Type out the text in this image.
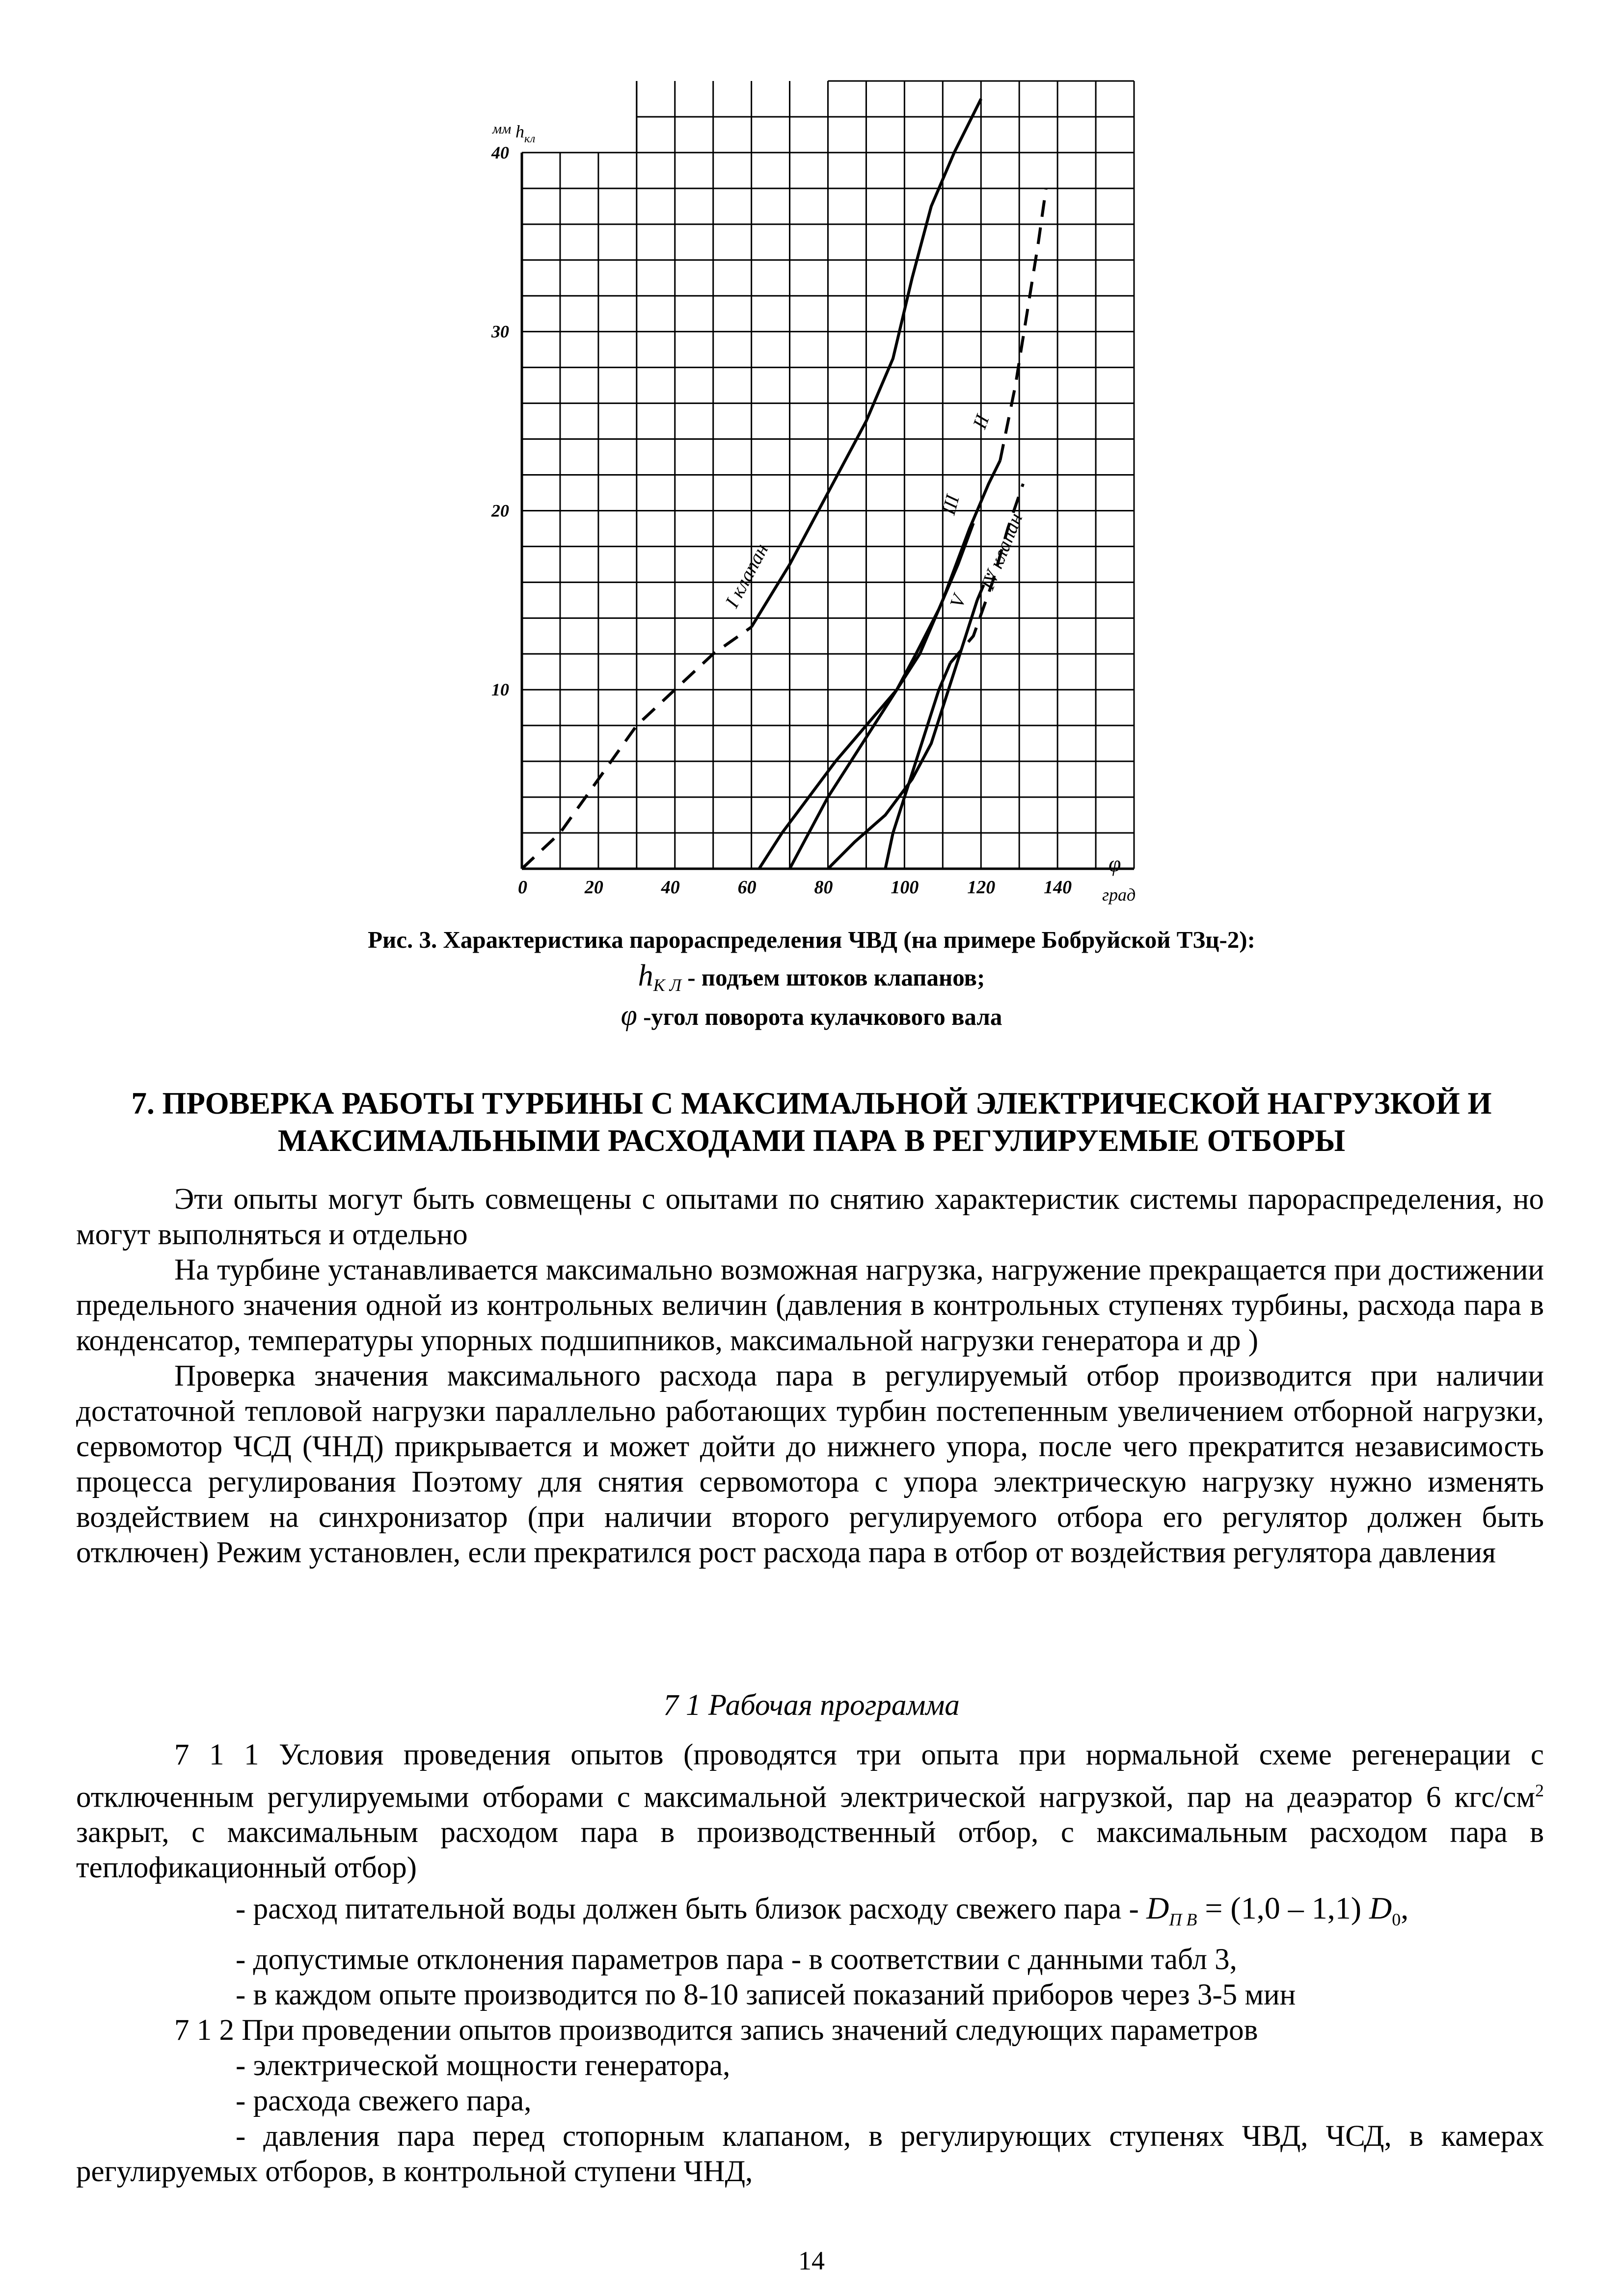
I клапан
II
III
V
IV клапан
0	20	40	60	80	100	120	140
10
20
30
40
мм $h_{кл}$
φ
град
Рис. 3. Характеристика парораспределения ЧВД (на примере Бобруйской ТЗц-2):
$h_{К Л}$ - подъем штоков клапанов;
φ -угол поворота кулачкового вала
7. ПРОВЕРКА РАБОТЫ ТУРБИНЫ С МАКСИМАЛЬНОЙ ЭЛЕКТРИЧЕСКОЙ НАГРУЗКОЙ И
МАКСИМАЛЬНЫМИ РАСХОДАМИ ПАРА В РЕГУЛИРУЕМЫЕ ОТБОРЫ

Эти опыты могут быть совмещены с опытами по снятию характеристик системы парораспределения, но могут выполняться и отдельно

На турбине устанавливается максимально возможная нагрузка, нагружение прекращается при достижении предельного значения одной из контрольных величин (давления в контрольных ступенях турбины, расхода пара в конденсатор, температуры упорных подшипников, максимальной нагрузки генератора и др )

Проверка значения максимального расхода пара в регулируемый отбор производится при наличии достаточной тепловой нагрузки параллельно работающих турбин постепенным увеличением отборной нагрузки, сервомотор ЧСД (ЧНД) прикрывается и может дойти до нижнего упора, после чего прекратится независимость процесса регулирования Поэтому для снятия сервомотора с упора электрическую нагрузку нужно изменять воздействием на синхронизатор (при наличии второго регулируемого отбора его регулятор должен быть отключен) Режим установлен, если прекратился рост расхода пара в отбор от воздействия регулятора давления

7 1 Рабочая программа

7 1 1 Условия проведения опытов (проводятся три опыта при нормальной схеме регенерации с отключенным регулируемыми отборами с максимальной электрической нагрузкой, пар на деаэратор 6 кгс/$см^2$ закрыт, с максимальным расходом пара в производственный отбор, с максимальным расходом пара в теплофикационный отбор)

- расход питательной воды должен быть близок расходу свежего пара - $D_{П В} = (1,0 - 1,1)$ $D_0$,

- допустимые отклонения параметров пара - в соответствии с данными табл 3,

- в каждом опыте производится по 8-10 записей показаний приборов через 3-5 мин

7 1 2 При проведении опытов производится запись значений следующих параметров

- электрической мощности генератора,

- расхода свежего пара,

- давления пара перед стопорным клапаном, в регулирующих ступенях ЧВД, ЧСД, в камерах регулируемых отборов, в контрольной ступени ЧНД,

14
